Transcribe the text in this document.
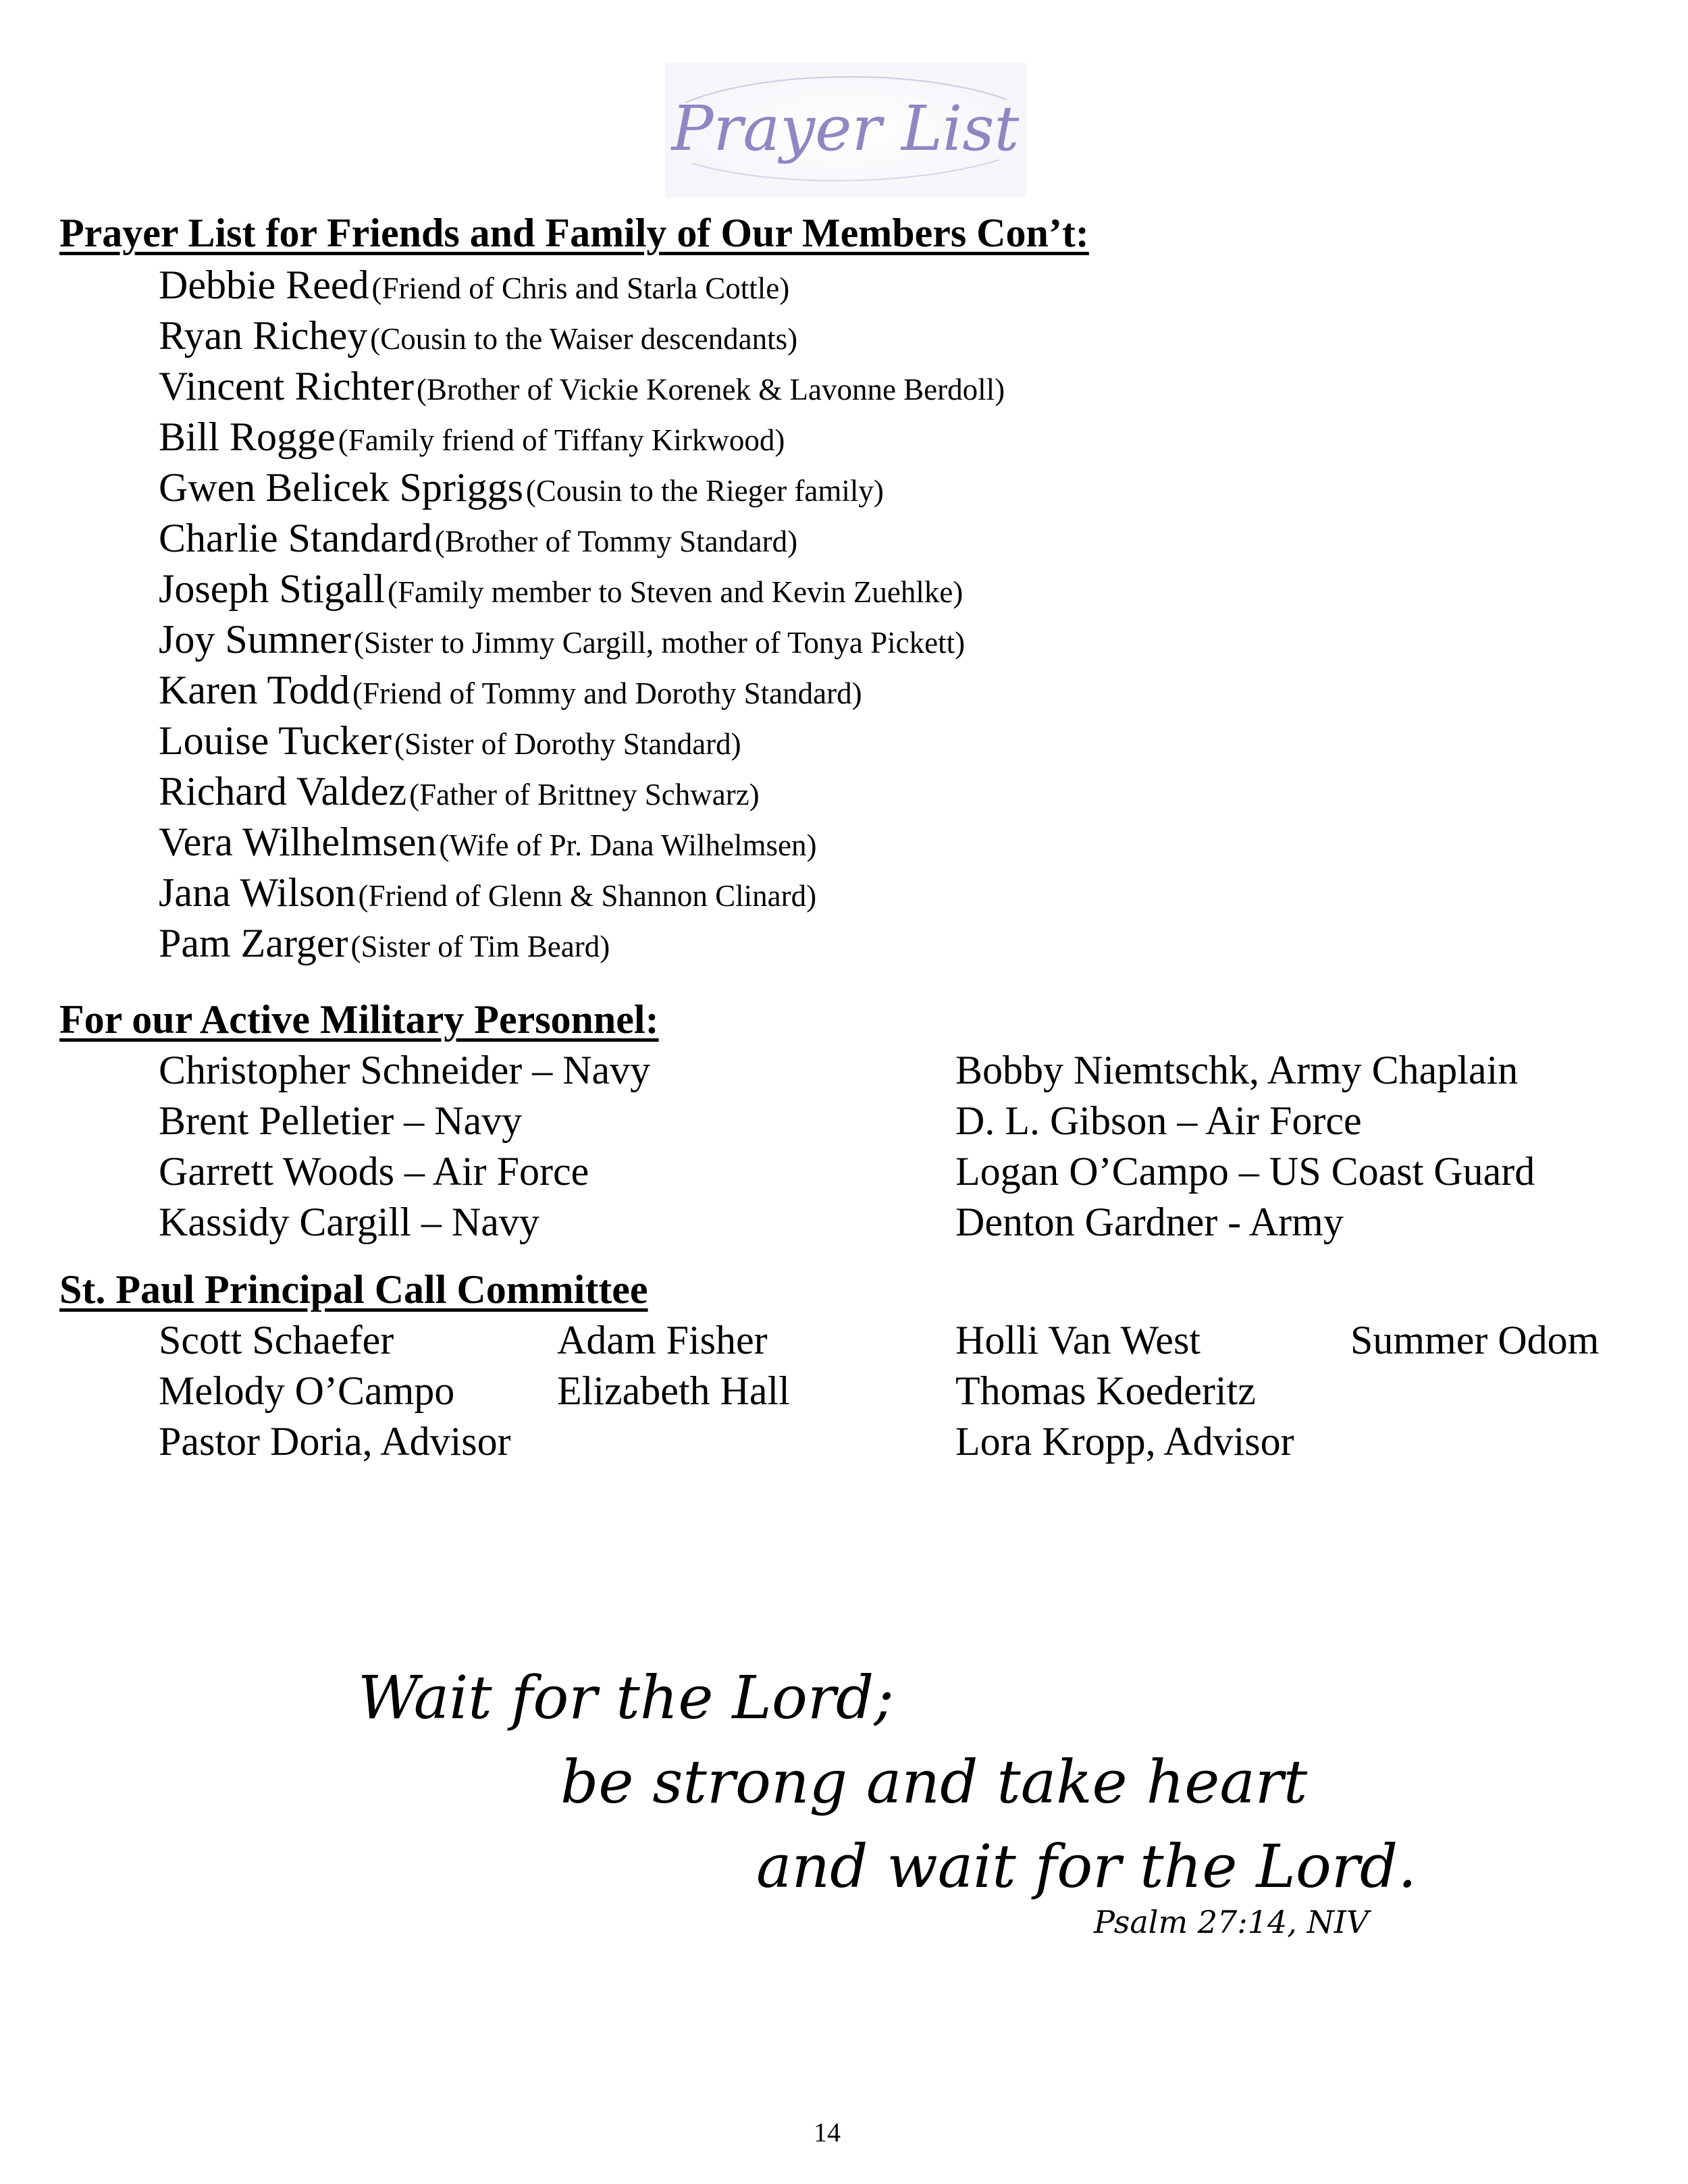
Prayer List
Prayer List for Friends and Family of Our Members Con’t:
Debbie Reed (Friend of Chris and Starla Cottle)
Ryan Richey (Cousin to the Waiser descendants)
Vincent Richter (Brother of Vickie Korenek & Lavonne Berdoll)
Bill Rogge (Family friend of Tiffany Kirkwood)
Gwen Belicek Spriggs (Cousin to the Rieger family)
Charlie Standard (Brother of Tommy Standard)
Joseph Stigall (Family member to Steven and Kevin Zuehlke)
Joy Sumner (Sister to Jimmy Cargill, mother of Tonya Pickett)
Karen Todd (Friend of Tommy and Dorothy Standard)
Louise Tucker (Sister of Dorothy Standard)
Richard Valdez (Father of Brittney Schwarz)
Vera Wilhelmsen (Wife of Pr. Dana Wilhelmsen)
Jana Wilson (Friend of Glenn & Shannon Clinard)
Pam Zarger (Sister of Tim Beard)
For our Active Military Personnel:
Christopher Schneider – Navy
Brent Pelletier – Navy
Garrett Woods – Air Force
Kassidy Cargill – Navy
Bobby Niemtschk, Army Chaplain
D. L. Gibson – Air Force
Logan O’Campo – US Coast Guard
Denton Gardner - Army
St. Paul Principal Call Committee
Scott Schaefer
Melody O’Campo
Pastor Doria, Advisor
Adam Fisher
Elizabeth Hall
Holli Van West
Thomas Koederitz
Lora Kropp, Advisor
Summer Odom

Wait for the Lord;

be strong and take heart

and wait for the Lord.

Psalm 27:14, NIV

14
